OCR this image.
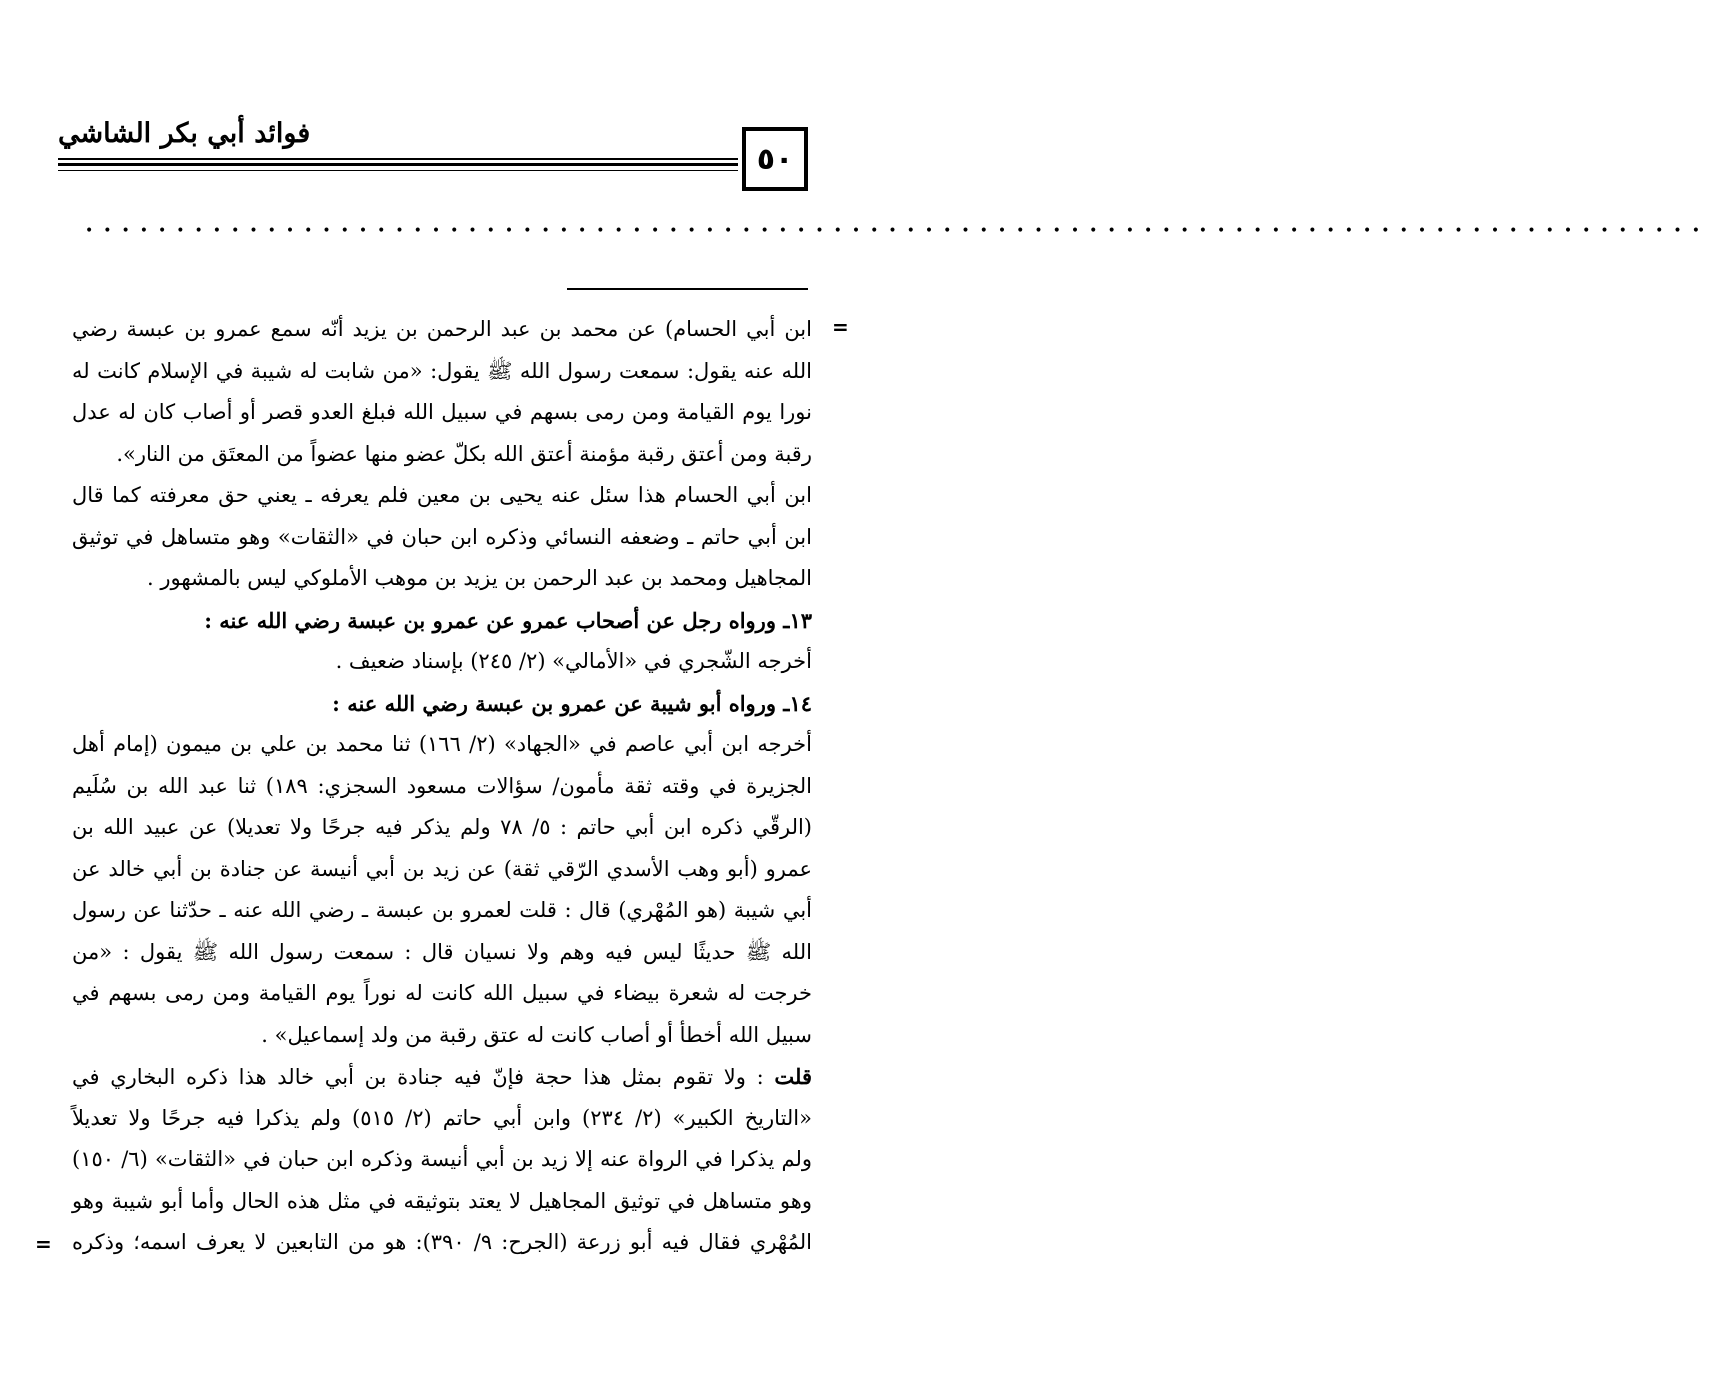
٥٠
فوائد أبي بكر الشاشي
•••••••••••••••••••••••••••••••••••••••••••••••••••••••••••••••••••••••••••••••••••••••••
=
=
ابن أبي الحسام) عن محمد بن عبد الرحمن بن يزيد أنّه سمع عمرو بن عبسة رضي
الله عنه يقول: سمعت رسول الله ﷺ يقول: «من شابت له شيبة في الإسلام كانت له
نورا يوم القيامة ومن رمى بسهم في سبيل الله فبلغ العدو قصر أو أصاب كان له عدل
رقبة ومن أعتق رقبة مؤمنة أعتق الله بكلّ عضو منها عضواً من المعتَق من النار».
ابن أبي الحسام هذا سئل عنه يحيى بن معين فلم يعرفه ـ يعني حق معرفته كما قال
ابن أبي حاتم ـ وضعفه النسائي وذكره ابن حبان في «الثقات» وهو متساهل في توثيق
المجاهيل ومحمد بن عبد الرحمن بن يزيد بن موهب الأملوكي ليس بالمشهور .
١٣ـ ورواه رجل عن أصحاب عمرو عن عمرو بن عبسة رضي الله عنه :
أخرجه الشّجري في «الأمالي» (٢/ ٢٤٥) بإسناد ضعيف .
١٤ـ ورواه أبو شيبة عن عمرو بن عبسة رضي الله عنه :
أخرجه ابن أبي عاصم في «الجهاد» (٢/ ١٦٦) ثنا محمد بن علي بن ميمون (إمام أهل
الجزيرة في وقته ثقة مأمون/ سؤالات مسعود السجزي: ١٨٩) ثنا عبد الله بن سُلَيم
(الرقّي ذكره ابن أبي حاتم : ٥/ ٧٨ ولم يذكر فيه جرحًا ولا تعديلا) عن عبيد الله بن
عمرو (أبو وهب الأسدي الرّقي ثقة) عن زيد بن أبي أنيسة عن جنادة بن أبي خالد عن
أبي شيبة (هو المُهْري) قال : قلت لعمرو بن عبسة ـ رضي الله عنه ـ حدّثنا عن رسول
الله ﷺ حديثًا ليس فيه وهم ولا نسيان قال : سمعت رسول الله ﷺ يقول : «من
خرجت له شعرة بيضاء في سبيل الله كانت له نوراً يوم القيامة ومن رمى بسهم في
سبيل الله أخطأ أو أصاب كانت له عتق رقبة من ولد إسماعيل» .
قلت : ولا تقوم بمثل هذا حجة فإنّ فيه جنادة بن أبي خالد هذا ذكره البخاري في
«التاريخ الكبير» (٢/ ٢٣٤) وابن أبي حاتم (٢/ ٥١٥) ولم يذكرا فيه جرحًا ولا تعديلاً
ولم يذكرا في الرواة عنه إلا زيد بن أبي أنيسة وذكره ابن حبان في «الثقات» (٦/ ١٥٠)
وهو متساهل في توثيق المجاهيل لا يعتد بتوثيقه في مثل هذه الحال وأما أبو شيبة وهو
المُهْري فقال فيه أبو زرعة (الجرح: ٩/ ٣٩٠): هو من التابعين لا يعرف اسمه؛ وذكره
